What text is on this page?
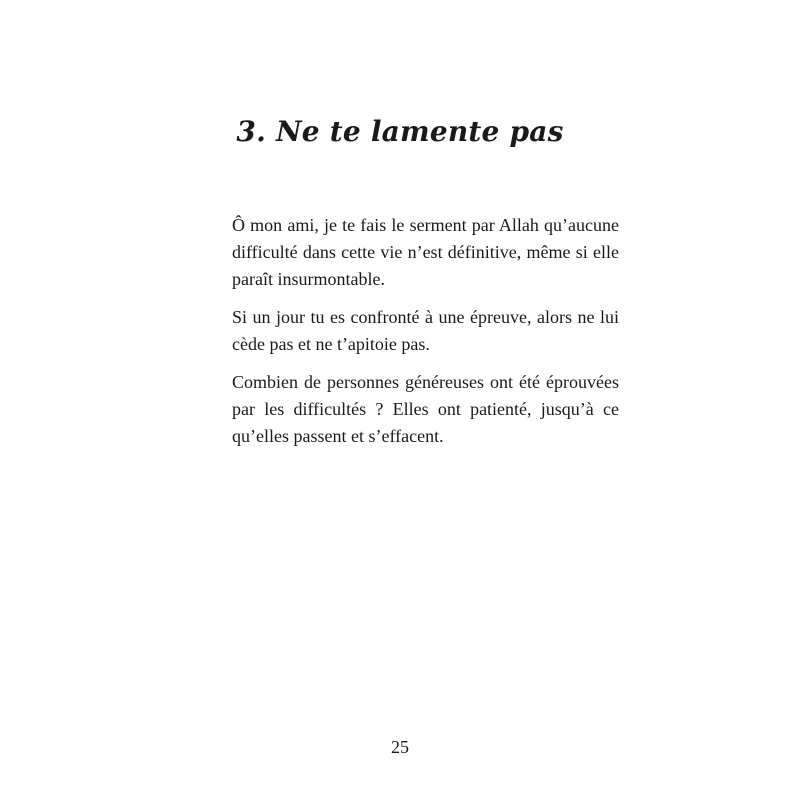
3. Ne te lamente pas

Ô mon ami, je te fais le serment par Allah qu’aucune difficulté dans cette vie n’est définitive, même si elle paraît insurmontable.

Si un jour tu es confronté à une épreuve, alors ne lui cède pas et ne t’apitoie pas.

Combien de personnes généreuses ont été éprouvées par les difficultés ? Elles ont patienté, jusqu’à ce qu’elles passent et s’effacent.

25
